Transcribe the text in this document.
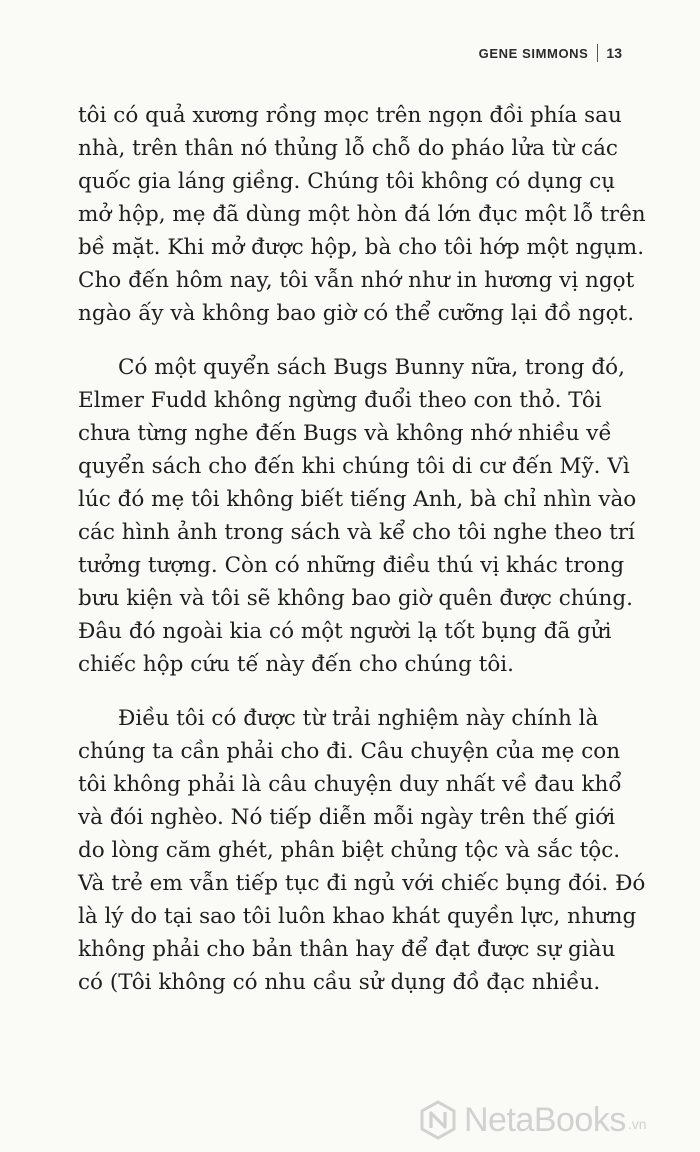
GENE SIMMONS 13

tôi có quả xương rồng mọc trên ngọn đồi phía sau
nhà, trên thân nó thủng lỗ chỗ do pháo lửa từ các
quốc gia láng giềng. Chúng tôi không có dụng cụ
mở hộp, mẹ đã dùng một hòn đá lớn đục một lỗ trên
bề mặt. Khi mở được hộp, bà cho tôi hớp một ngụm.
Cho đến hôm nay, tôi vẫn nhớ như in hương vị ngọt
ngào ấy và không bao giờ có thể cưỡng lại đồ ngọt.

Có một quyển sách Bugs Bunny nữa, trong đó,
Elmer Fudd không ngừng đuổi theo con thỏ. Tôi
chưa từng nghe đến Bugs và không nhớ nhiều về
quyển sách cho đến khi chúng tôi di cư đến Mỹ. Vì
lúc đó mẹ tôi không biết tiếng Anh, bà chỉ nhìn vào
các hình ảnh trong sách và kể cho tôi nghe theo trí
tưởng tượng. Còn có những điều thú vị khác trong
bưu kiện và tôi sẽ không bao giờ quên được chúng.
Đâu đó ngoài kia có một người lạ tốt bụng đã gửi
chiếc hộp cứu tế này đến cho chúng tôi.

Điều tôi có được từ trải nghiệm này chính là
chúng ta cần phải cho đi. Câu chuyện của mẹ con
tôi không phải là câu chuyện duy nhất về đau khổ
và đói nghèo. Nó tiếp diễn mỗi ngày trên thế giới
do lòng căm ghét, phân biệt chủng tộc và sắc tộc.
Và trẻ em vẫn tiếp tục đi ngủ với chiếc bụng đói. Đó
là lý do tại sao tôi luôn khao khát quyền lực, nhưng
không phải cho bản thân hay để đạt được sự giàu
có (Tôi không có nhu cầu sử dụng đồ đạc nhiều.

NetaBooks .vn
